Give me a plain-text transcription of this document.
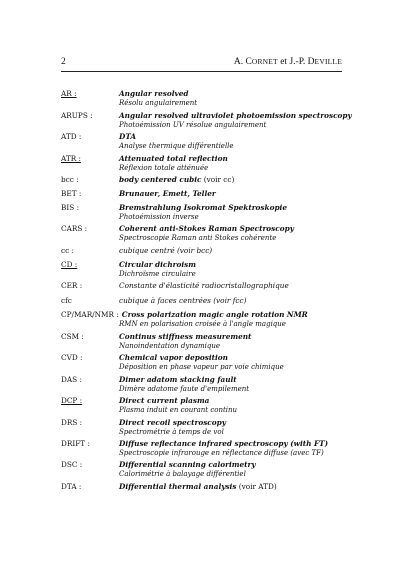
2	A. CORNET et J.-P. DEVILLE
AR :	Angular resolved
Résolu angulairement
ARUPS :	Angular resolved ultraviolet photoemission spectroscopy
Photoémission UV résolue angulairement
ATD :	DTA
Analyse thermique différentielle
ATR :	Attenuated total reflection
Réflexion totale atténuée
bcc :	body centered cubic (voir cc)
BET :	Brunauer, Emett, Teller
BIS :	Bremstrahlung Isokromat Spektroskopie
Photoémission inverse
CARS :	Coherent anti-Stokes Raman Spectroscopy
Spectroscopie Raman anti Stokes cohérente
cc :	cubique centré (voir bcc)
CD :	Circular dichroism
Dichroïsme circulaire
CER :	Constante d'élasticité radiocristallographique
cfc	cubique à faces centrées (voir fcc)
CP/MAR/NMR : Cross polarization magic angle rotation NMR
RMN en polarisation croisée à l'angle magique
CSM :	Continus stiffness measurement
Nanoindentation dynamique
CVD :	Chemical vapor deposition
Déposition en phase vapeur par voie chimique
DAS :	Dimer adatom stacking fault
Dimère adatome faute d'empilement
DCP :	Direct current plasma
Plasma induit en courant continu
DRS :	Direct recoil spectroscopy
Spectrométrie à temps de vol
DRIFT :	Diffuse reflectance infrared spectroscopy (with FT)
Spectroscopie infrarouge en réflectance diffuse (avec TF)
DSC :	Differential scanning calorimetry
Calorimétrie à balayage différentiel
DTA :	Differential thermal analysis (voir ATD)
